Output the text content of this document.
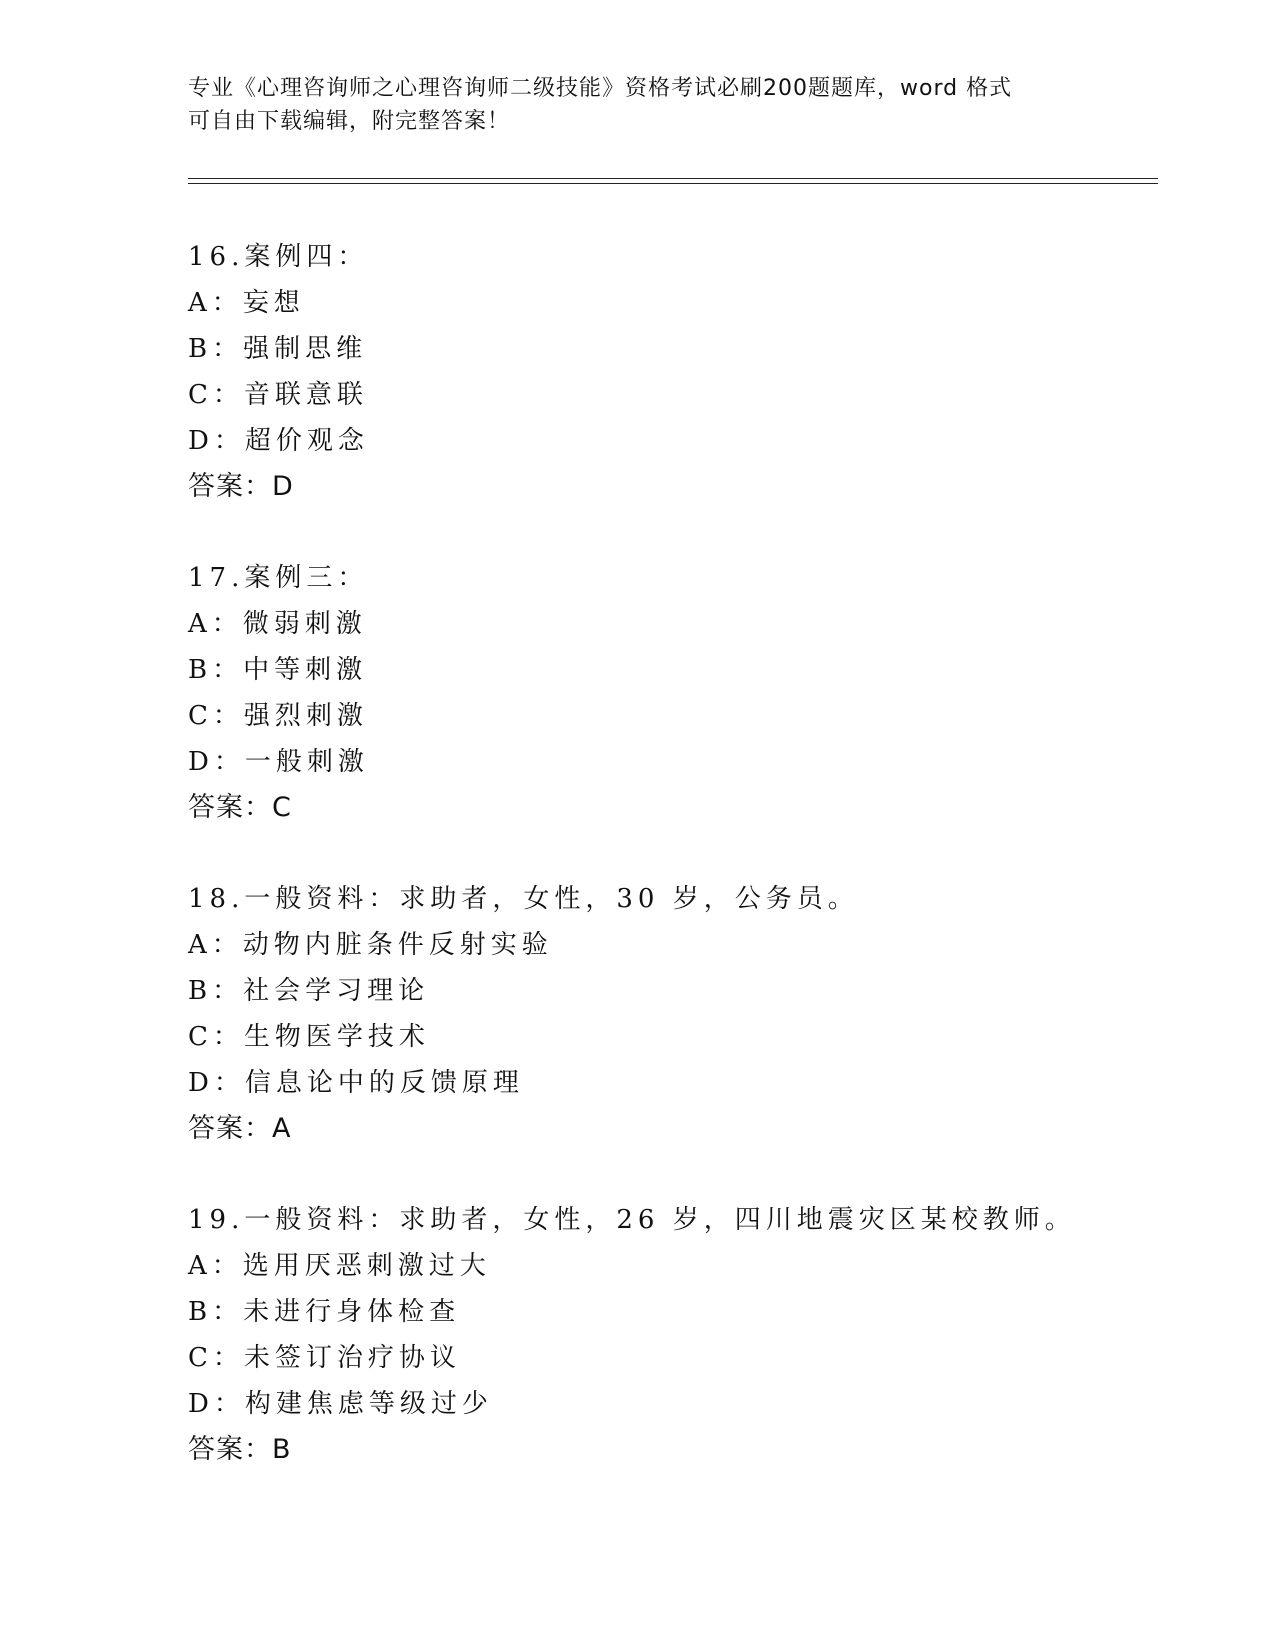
专业《心理咨询师之心理咨询师二级技能》资格考试必刷200题题库，word 格式
可自由下载编辑，附完整答案！
16.案例四：
A：妄想
B：强制思维
C：音联意联
D：超价观念
答案：D
17.案例三：
A：微弱刺激
B：中等刺激
C：强烈刺激
D：一般刺激
答案：C
18.一般资料：求助者，女性，30 岁，公务员。
A：动物内脏条件反射实验
B：社会学习理论
C：生物医学技术
D：信息论中的反馈原理
答案：A
19.一般资料：求助者，女性，26 岁，四川地震灾区某校教师。
A：选用厌恶刺激过大
B：未进行身体检查
C：未签订治疗协议
D：构建焦虑等级过少
答案：B
